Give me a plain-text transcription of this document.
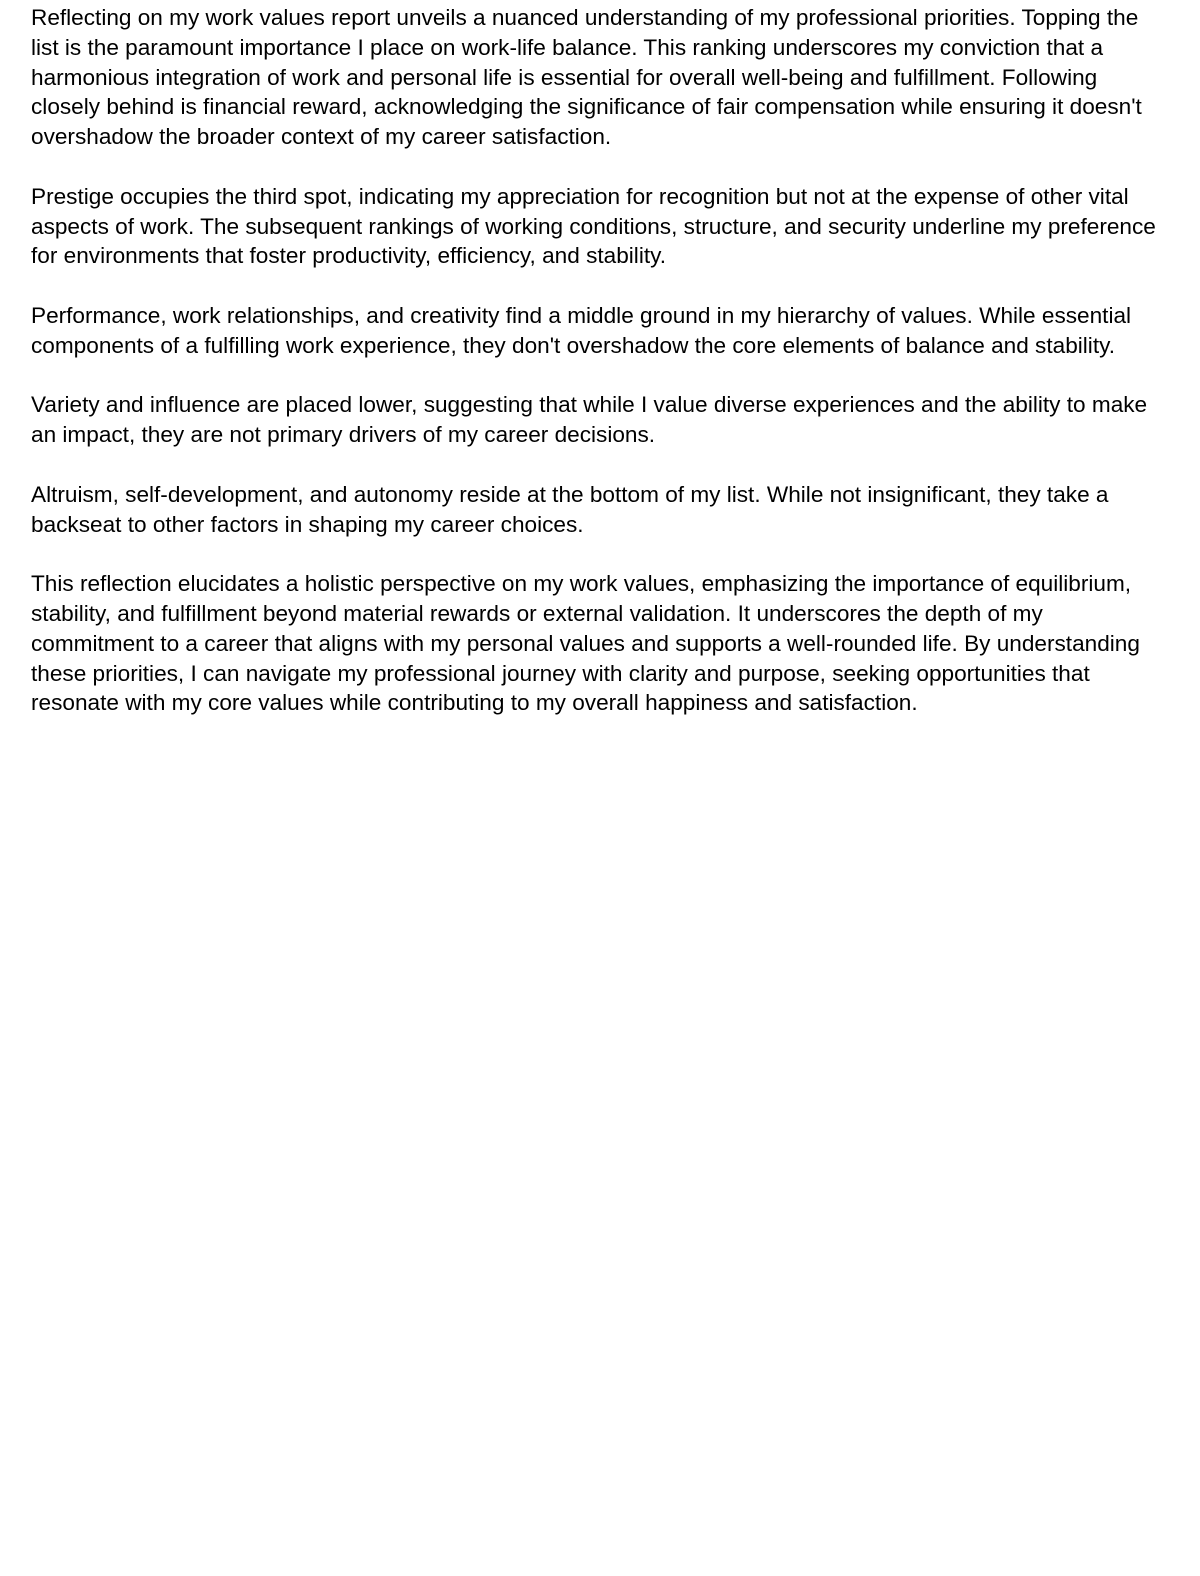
Reflecting on my work values report unveils a nuanced understanding of my professional priorities. Topping the list is the paramount importance I place on work-life balance. This ranking underscores my conviction that a harmonious integration of work and personal life is essential for overall well-being and fulfillment. Following closely behind is financial reward, acknowledging the significance of fair compensation while ensuring it doesn't overshadow the broader context of my career satisfaction.

Prestige occupies the third spot, indicating my appreciation for recognition but not at the expense of other vital aspects of work. The subsequent rankings of working conditions, structure, and security underline my preference for environments that foster productivity, efficiency, and stability.

Performance, work relationships, and creativity find a middle ground in my hierarchy of values. While essential components of a fulfilling work experience, they don't overshadow the core elements of balance and stability.

Variety and influence are placed lower, suggesting that while I value diverse experiences and the ability to make an impact, they are not primary drivers of my career decisions.

Altruism, self-development, and autonomy reside at the bottom of my list. While not insignificant, they take a backseat to other factors in shaping my career choices.

This reflection elucidates a holistic perspective on my work values, emphasizing the importance of equilibrium, stability, and fulfillment beyond material rewards or external validation. It underscores the depth of my commitment to a career that aligns with my personal values and supports a well-rounded life. By understanding these priorities, I can navigate my professional journey with clarity and purpose, seeking opportunities that resonate with my core values while contributing to my overall happiness and satisfaction.
